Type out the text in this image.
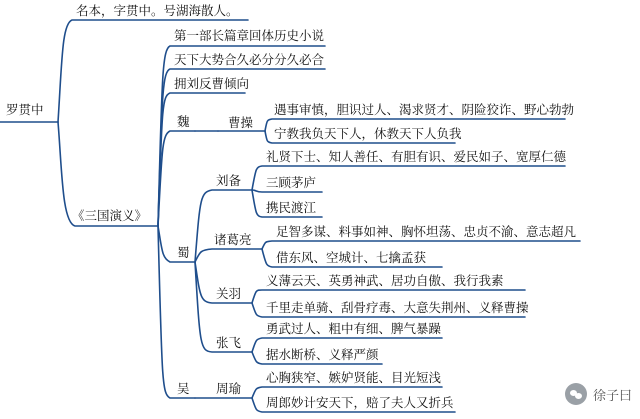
罗贯中
名本，字贯中。号湖海散人。
《三国演义》
第一部长篇章回体历史小说
天下大势合久必分分久必合
拥刘反曹倾向
魏
蜀
吴
曹操
遇事审慎，胆识过人、渴求贤才、阴险狡诈、野心勃勃
宁教我负天下人，休教天下人负我
刘备
礼贤下士、知人善任、有胆有识、爱民如子、宽厚仁德
三顾茅庐
携民渡江
诸葛亮
足智多谋、料事如神、胸怀坦荡、忠贞不渝、意志超凡
借东风、空城计、七擒孟获
关羽
义薄云天、英勇神武、居功自傲、我行我素
千里走单骑、刮骨疗毒、大意失荆州、义释曹操
张飞
勇武过人、粗中有细、脾气暴躁
据水断桥、义释严颜
周瑜
心胸狭窄、嫉妒贤能、目光短浅
周郎妙计安天下，赔了夫人又折兵	徐子曰
